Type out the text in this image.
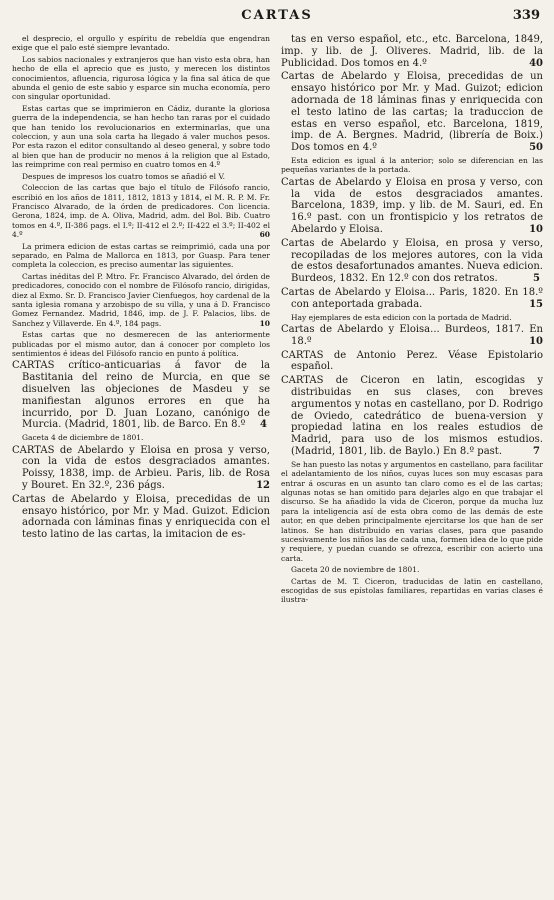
CARTAS	339

el desprecio, el orgullo y espíritu de rebeldía que engendran exige que el palo esté siempre levantado.

Los sabios nacionales y extranjeros que han visto esta obra, han hecho de ella el aprecio que es justo, y merecen los distintos conocimientos, afluencia, rigurosa lógica y la fina sal ática de que abunda el genio de este sabio y esparce sin mucha economía, pero con singular oportunidad.

Estas cartas que se imprimieron en Cádiz, durante la gloriosa guerra de la independencia, se han hecho tan raras por el cuidado que han tenido los revolucionarios en exterminarlas, que una coleccion, y aun una sola carta ha llegado á valer muchos pesos. Por esta razon el editor consultando al deseo general, y sobre todo al bien que han de producir no menos á la religion que al Estado, las reimprime con real permiso en cuatro tomos en 4.º

Despues de impresos los cuatro tomos se añadió el V.

Coleccion de las cartas que bajo el título de Filósofo rancio, escribió en los años de 1811, 1812, 1813 y 1814, el M. R. P. M. Fr. Francisco Alvarado, de la órden de predicadores. Con licencia. Gerona, 1824, imp. de A. Oliva, Madrid, adm. del Bol. Bib. Cuatro tomos en 4.º, II-386 pags. el I.º; II-412 el 2.º; II-422 el 3.º; II-402 el 4.º	60

La primera edicion de estas cartas se reimprimió, cada una por separado, en Palma de Mallorca en 1813, por Guasp. Para tener completa la coleccion, es preciso aumentar las siguientes.

Cartas inéditas del P. Mtro. Fr. Francisco Alvarado, del órden de predicadores, conocido con el nombre de Filósofo rancio, dirigidas, diez al Exmo. Sr. D. Francisco Javier Cienfuegos, hoy cardenal de la santa iglesia romana y arzobispo de su villa, y una á D. Francisco Gomez Fernandez. Madrid, 1846, imp. de J. F. Palacios, libs. de Sanchez y Villaverde. En 4.º, 184 pags.	10

Estas cartas que no desmerecen de las anteriormente publicadas por el mismo autor, dan á conocer por completo los sentimientos é ideas del Filósofo rancio en punto á política.

CARTAS crítico-anticuarias á favor de la Bastitania del reino de Murcia, en que se disuelven las objeciones de Masdeu y se manifiestan algunos errores en que ha incurrido, por D. Juan Lozano, canónigo de Murcia. (Madrid, 1801, lib. de Barco. En 8.º 4

Gaceta 4 de diciembre de 1801.

CARTAS de Abelardo y Eloisa en prosa y verso, con la vida de estos desgraciados amantes. Poissy, 1838, imp. de Arbieu. Paris, lib. de Rosa y Bouret. En 32.º, 236 págs.	12

Cartas de Abelardo y Eloisa, precedidas de un ensayo histórico, por Mr. y Mad. Guizot. Edicion adornada con láminas finas y enriquecida con el testo latino de las cartas, la imitacion de es-

tas en verso español, etc., etc. Barcelona, 1849, imp. y lib. de J. Oliveres. Madrid, lib. de la Publicidad. Dos tomos en 4.º	40

Cartas de Abelardo y Eloisa, precedidas de un ensayo histórico por Mr. y Mad. Guizot; edicion adornada de 18 láminas finas y enriquecida con el testo latino de las cartas; la traduccion de estas en verso español, etc. Barcelona, 1819, imp. de A. Bergnes. Madrid, (librería de Boix.) Dos tomos en 4.º	50

Esta edicion es igual á la anterior; solo se diferencian en las pequeñas variantes de la portada.

Cartas de Abelardo y Eloisa en prosa y verso, con la vida de estos desgraciados amantes. Barcelona, 1839, imp. y lib. de M. Sauri, ed. En 16.º past. con un frontispicio y los retratos de Abelardo y Eloisa.	10

Cartas de Abelardo y Eloisa, en prosa y verso, recopiladas de los mejores autores, con la vida de estos desafortunados amantes. Nueva edicion. Burdeos, 1832. En 12.º con dos retratos.	5

Cartas de Abelardo y Eloisa... Paris, 1820. En 18.º con anteportada grabada.	15

Hay ejemplares de esta edicion con la portada de Madrid.

Cartas de Abelardo y Eloisa... Burdeos, 1817. En 18.º	10

CARTAS de Antonio Perez. Véase Epistolario español.

CARTAS de Ciceron en latin, escogidas y distribuidas en sus clases, con breves argumentos y notas en castellano, por D. Rodrigo de Oviedo, catedrático de buena-version y propiedad latina en los reales estudios de Madrid, para uso de los mismos estudios. (Madrid, 1801, lib. de Baylo.) En 8.º past.	7

Se han puesto las notas y argumentos en castellano, para facilitar el adelantamiento de los niños, cuyas luces son muy escasas para entrar á oscuras en un asunto tan claro como es el de las cartas; algunas notas se han omitido para dejarles algo en que trabajar el discurso. Se ha añadido la vida de Ciceron, porque da mucha luz para la inteligencia así de esta obra como de las demás de este autor, en que deben principalmente ejercitarse los que han de ser latinos. Se han distribuido en varias clases, para que pasando sucesivamente los niños las de cada una, formen idea de lo que pide y requiere, y puedan cuando se ofrezca, escribir con acierto una carta.

Gaceta 20 de noviembre de 1801.

Cartas de M. T. Ciceron, traducidas de latin en castellano, escogidas de sus epístolas familiares, repartidas en varias clases é ilustra-
